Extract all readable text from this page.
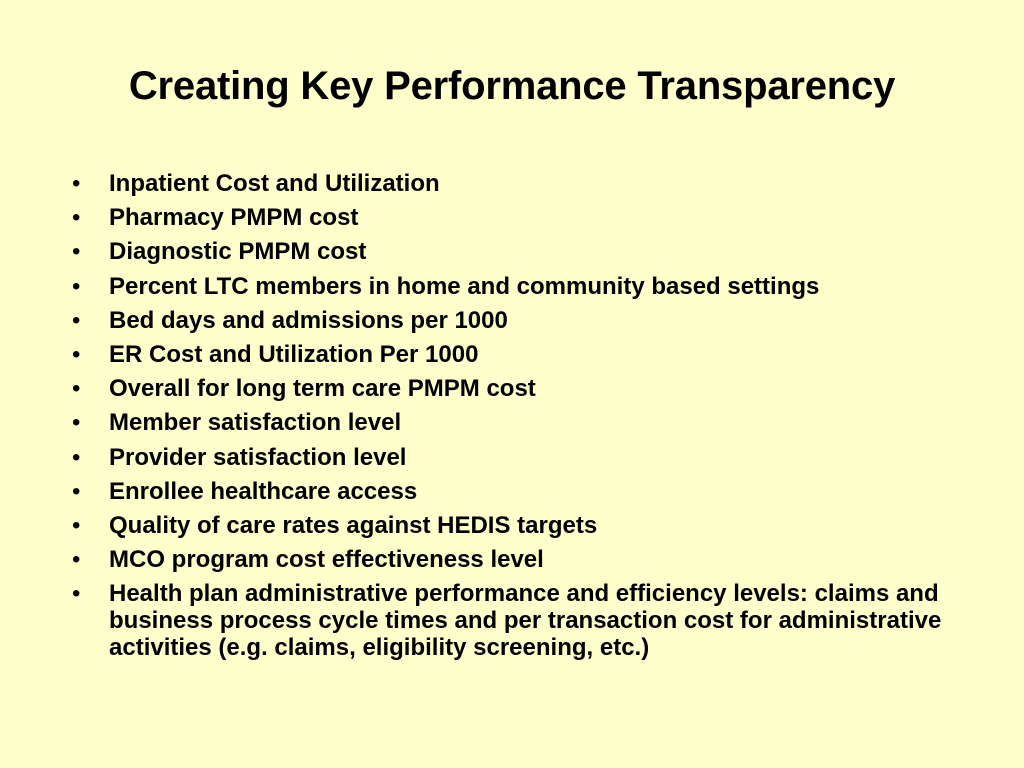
Creating Key Performance Transparency
• Inpatient Cost and Utilization
• Pharmacy PMPM cost
• Diagnostic PMPM cost
• Percent LTC members in home and community based settings
• Bed days and admissions per 1000
• ER Cost and Utilization Per 1000
• Overall for long term care PMPM cost
• Member satisfaction level
• Provider satisfaction level
• Enrollee healthcare access
• Quality of care rates against HEDIS targets
• MCO program cost effectiveness level
• Health plan administrative performance and efficiency levels: claims and business process cycle times and per transaction cost for administrative activities (e.g. claims, eligibility screening, etc.)
